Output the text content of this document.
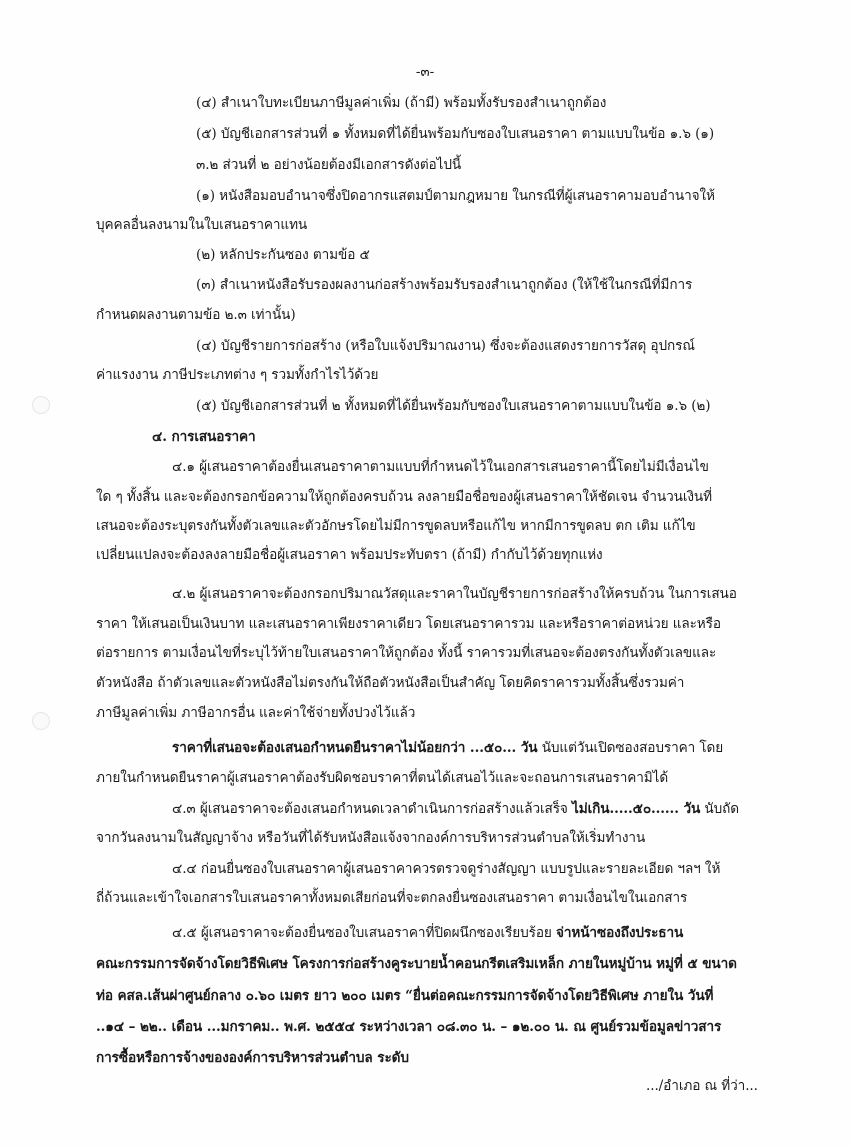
-๓-
(๔) สำเนาใบทะเบียนภาษีมูลค่าเพิ่ม (ถ้ามี) พร้อมทั้งรับรองสำเนาถูกต้อง
(๕) บัญชีเอกสารส่วนที่ ๑ ทั้งหมดที่ได้ยื่นพร้อมกับซองใบเสนอราคา ตามแบบในข้อ ๑.๖ (๑)
๓.๒ ส่วนที่ ๒ อย่างน้อยต้องมีเอกสารดังต่อไปนี้
(๑) หนังสือมอบอำนาจซึ่งปิดอากรแสตมป์ตามกฎหมาย ในกรณีที่ผู้เสนอราคามอบอำนาจให้
บุคคลอื่นลงนามในใบเสนอราคาแทน
(๒) หลักประกันซอง ตามข้อ ๕
(๓) สำเนาหนังสือรับรองผลงานก่อสร้างพร้อมรับรองสำเนาถูกต้อง (ให้ใช้ในกรณีที่มีการ
กำหนดผลงานตามข้อ ๒.๓ เท่านั้น)
(๔) บัญชีรายการก่อสร้าง (หรือใบแจ้งปริมาณงาน) ซึ่งจะต้องแสดงรายการวัสดุ อุปกรณ์
ค่าแรงงาน ภาษีประเภทต่าง ๆ รวมทั้งกำไรไว้ด้วย
(๕) บัญชีเอกสารส่วนที่ ๒ ทั้งหมดที่ได้ยื่นพร้อมกับซองใบเสนอราคาตามแบบในข้อ ๑.๖ (๒)
๔. การเสนอราคา
๔.๑ ผู้เสนอราคาต้องยื่นเสนอราคาตามแบบที่กำหนดไว้ในเอกสารเสนอราคานี้โดยไม่มีเงื่อนไข
ใด ๆ ทั้งสิ้น และจะต้องกรอกข้อความให้ถูกต้องครบถ้วน ลงลายมือชื่อของผู้เสนอราคาให้ชัดเจน จำนวนเงินที่
เสนอจะต้องระบุตรงกันทั้งตัวเลขและตัวอักษรโดยไม่มีการขูดลบหรือแก้ไข หากมีการขูดลบ ตก เติม แก้ไข
เปลี่ยนแปลงจะต้องลงลายมือชื่อผู้เสนอราคา พร้อมประทับตรา (ถ้ามี) กำกับไว้ด้วยทุกแห่ง
๔.๒ ผู้เสนอราคาจะต้องกรอกปริมาณวัสดุและราคาในบัญชีรายการก่อสร้างให้ครบถ้วน ในการเสนอ
ราคา ให้เสนอเป็นเงินบาท และเสนอราคาเพียงราคาเดียว โดยเสนอราคารวม และหรือราคาต่อหน่วย และหรือ
ต่อรายการ ตามเงื่อนไขที่ระบุไว้ท้ายใบเสนอราคาให้ถูกต้อง ทั้งนี้ ราคารวมที่เสนอจะต้องตรงกันทั้งตัวเลขและ
ตัวหนังสือ ถ้าตัวเลขและตัวหนังสือไม่ตรงกันให้ถือตัวหนังสือเป็นสำคัญ โดยคิดราคารวมทั้งสิ้นซึ่งรวมค่า
ภาษีมูลค่าเพิ่ม ภาษีอากรอื่น และค่าใช้จ่ายทั้งปวงไว้แล้ว
ราคาที่เสนอจะต้องเสนอกำหนดยืนราคาไม่น้อยกว่า ...๕๐... วัน นับแต่วันเปิดซองสอบราคา โดย
ภายในกำหนดยืนราคาผู้เสนอราคาต้องรับผิดชอบราคาที่ตนได้เสนอไว้และจะถอนการเสนอราคามิได้
๔.๓ ผู้เสนอราคาจะต้องเสนอกำหนดเวลาดำเนินการก่อสร้างแล้วเสร็จ ไม่เกิน.....๕๐...... วัน นับถัด
จากวันลงนามในสัญญาจ้าง หรือวันที่ได้รับหนังสือแจ้งจากองค์การบริหารส่วนตำบลให้เริ่มทำงาน
๔.๔ ก่อนยื่นซองใบเสนอราคาผู้เสนอราคาควรตรวจดูร่างสัญญา แบบรูปและรายละเอียด ฯลฯ ให้
ถี่ถ้วนและเข้าใจเอกสารใบเสนอราคาทั้งหมดเสียก่อนที่จะตกลงยื่นซองเสนอราคา ตามเงื่อนไขในเอกสาร
๔.๕ ผู้เสนอราคาจะต้องยื่นซองใบเสนอราคาที่ปิดผนึกซองเรียบร้อย จ่าหน้าซองถึงประธาน
คณะกรรมการจัดจ้างโดยวิธีพิเศษ โครงการก่อสร้างคูระบายน้ำคอนกรีตเสริมเหล็ก ภายในหมู่บ้าน หมู่ที่ ๕ ขนาด
ท่อ คสล.เส้นผ่าศูนย์กลาง ๐.๖๐ เมตร ยาว ๒๐๐ เมตร “ยื่นต่อคณะกรรมการจัดจ้างโดยวิธีพิเศษ ภายใน วันที่
..๑๔ – ๒๒.. เดือน ...มกราคม.. พ.ศ. ๒๕๕๔ ระหว่างเวลา ๐๘.๓๐ น. – ๑๒.๐๐ น. ณ ศูนย์รวมข้อมูลข่าวสาร
การซื้อหรือการจ้างขององค์การบริหารส่วนตำบล ระดับ
.../อำเภอ ณ ที่ว่า...
